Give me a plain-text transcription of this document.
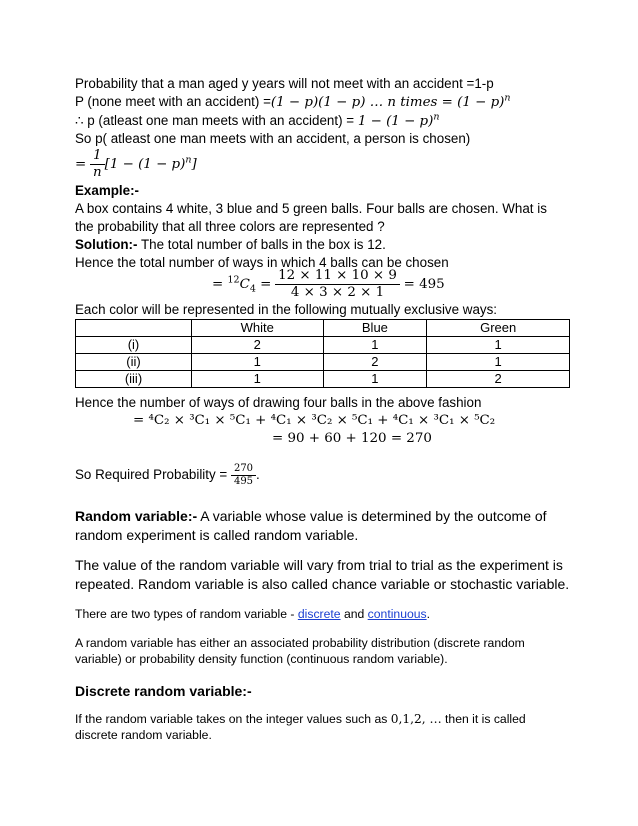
Probability that a man aged y years will not meet with an accident =1-p
P (none meet with an accident) =(1 − p)(1 − p) … n times = $(1 - p)^n$
∴ p (atleast one man meets with an accident) = $1 - (1 - p)^n$
So p( atleast one man meets with an accident, a person is chosen)
= $\frac{1}{n} [1 - (1 - p)^n]$
Example:-
A box contains 4 white, 3 blue and 5 green balls. Four balls are chosen. What is
the probability that all three colors are represented ?
Solution:- The total number of balls in the box is 12.
Hence the total number of ways in which 4 balls can be chosen
= $^{12}C_4 = \frac{12 \times 11 \times 10 \times 9}{4 \times 3 \times 2 \times 1} = 495$
Each color will be represented in the following mutually exclusive ways:
	White	Blue	Green
(i)	2	1	1
(ii)	1	2	1
(iii)	1	1	2
Hence the number of ways of drawing four balls in the above fashion
= ⁴C₂ × ³C₁ × ⁵C₁ + ⁴C₁ × ³C₂ × ⁵C₁ + ⁴C₁ × ³C₁ × ⁵C₂
= 90 + 60 + 120 = 270
So Required Probability = $\frac{270}{495}$ .
Random variable:- A variable whose value is determined by the outcome of
random experiment is called random variable.
The value of the random variable will vary from trial to trial as the experiment is
repeated. Random variable is also called chance variable or stochastic variable.
There are two types of random variable - discrete and continuous.
A random variable has either an associated probability distribution (discrete random
variable) or probability density function (continuous random variable).
Discrete random variable:-
If the random variable takes on the integer values such as 0,1,2, … then it is called
discrete random variable.
